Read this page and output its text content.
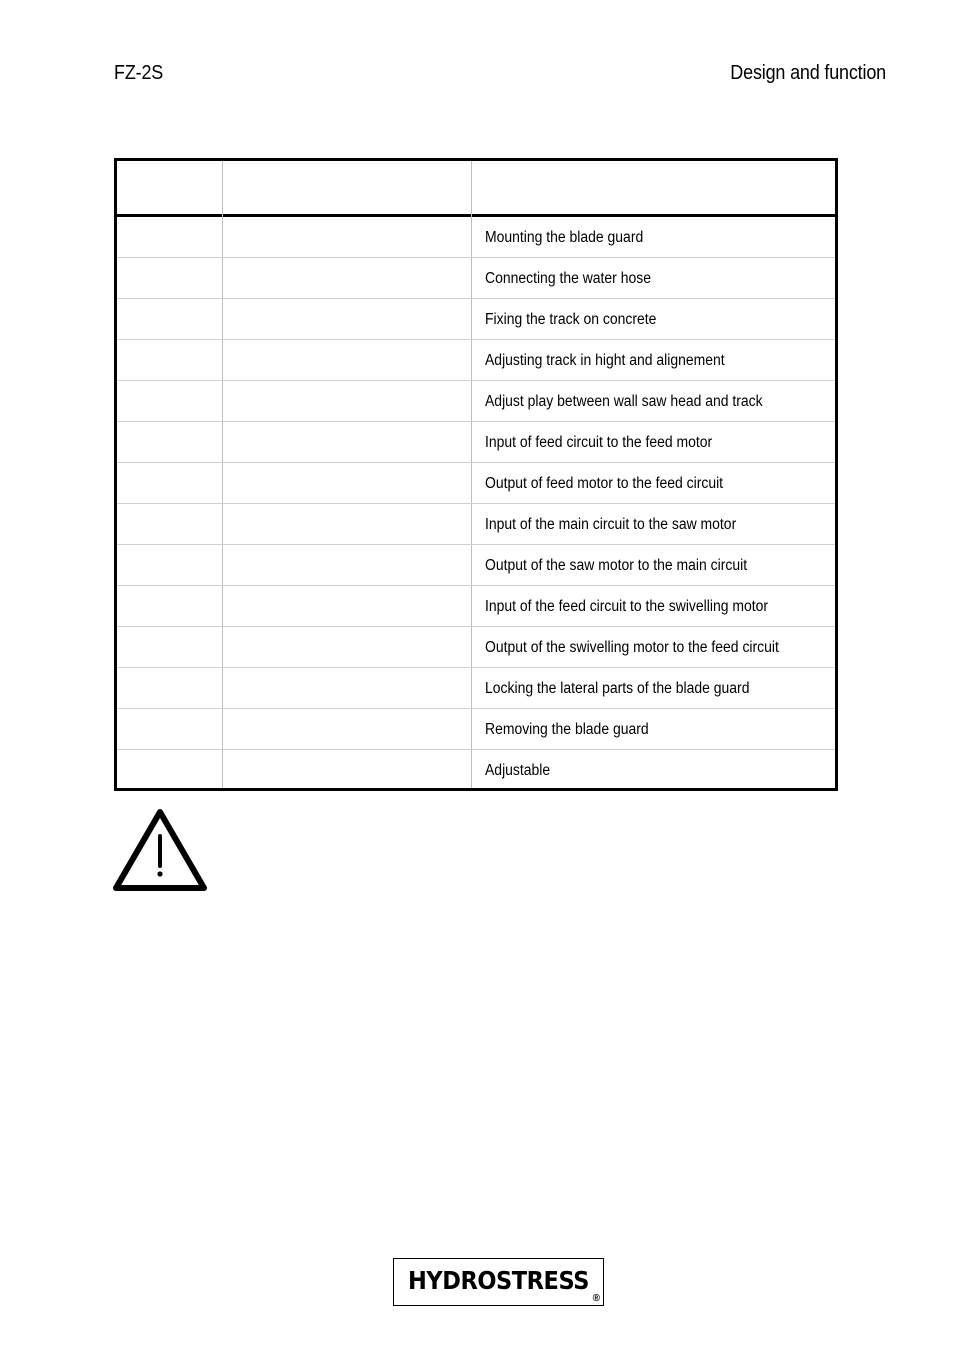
FZ-2S	Design and function
Mounting the blade guard
Connecting the water hose
Fixing the track on concrete
Adjusting track in hight and alignement
Adjust play between wall saw head and track
Input of feed circuit to the feed motor
Output of feed motor to the feed circuit
Input of the main circuit to the saw motor
Output of the saw motor to the main circuit
Input of the feed circuit to the swivelling motor
Output of the swivelling motor to the feed circuit
Locking the lateral parts of the blade guard
Removing the blade guard
Adjustable
HYDROSTRESS
®
